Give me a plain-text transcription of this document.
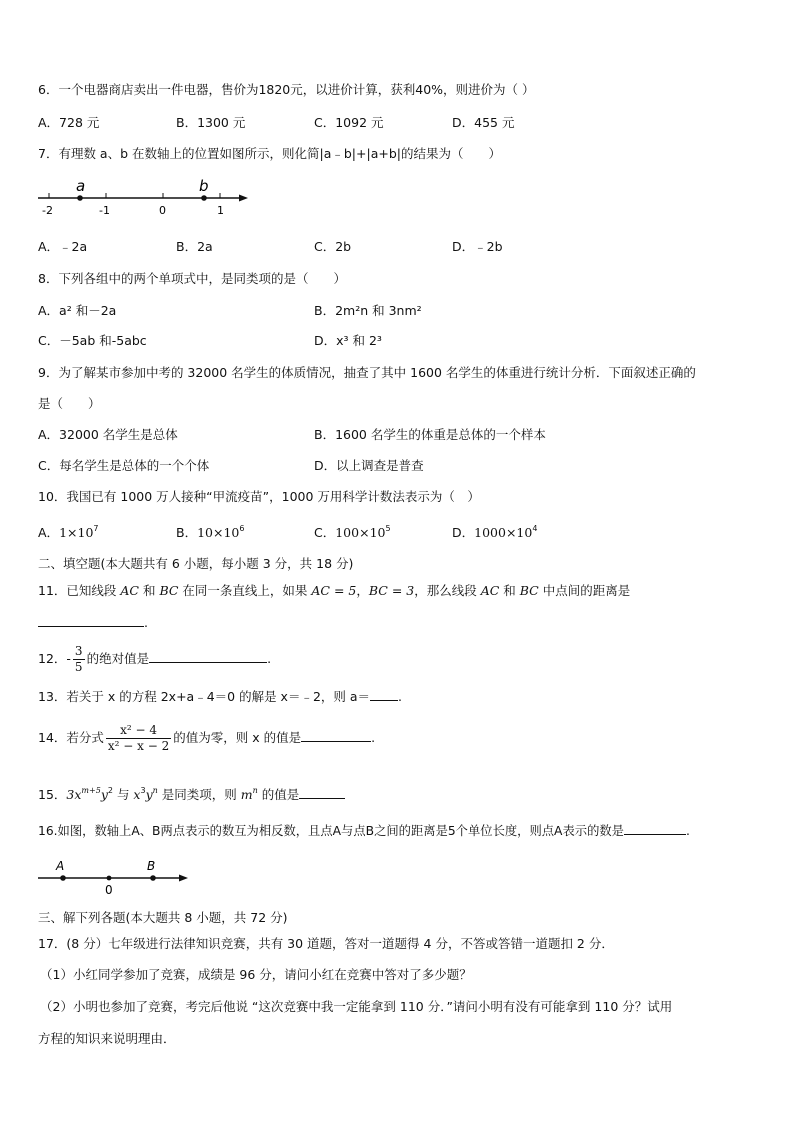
6．一个电器商店卖出一件电器，售价为1820元，以进价计算，获利40%，则进价为（ ）
A．728 元	B．1300 元	C．1092 元	D．455 元
7．有理数 a、b 在数轴上的位置如图所示，则化简|a﹣b|+|a+b|的结果为（　　）
a	b
-2	-1	0	1
A．﹣2a	B．2a	C．2b	D．﹣2b
8．下列各组中的两个单项式中，是同类项的是（　　）
A．a² 和－2a	B．2m²n 和 3nm²
C．－5ab 和-5abc	D．x³ 和 2³
9．为了解某市参加中考的 32000 名学生的体质情况，抽查了其中 1600 名学生的体重进行统计分析．下面叙述正确的
是（　　）
A．32000 名学生是总体	B．1600 名学生的体重是总体的一个样本
C．每名学生是总体的一个个体	D．以上调查是普查
10．我国已有 1000 万人接种“甲流疫苗”，1000 万用科学计数法表示为（　）
A．$1\times 10^7$	B．$10\times 10^6$	C．$100\times 10^5$	D．$1000\times 10^4$
二、填空题(本大题共有 6 小题，每小题 3 分，共 18 分)
11．已知线段 AC 和 BC 在同一条直线上，如果 AC = 5，BC = 3，那么线段 AC 和 BC 中点间的距离是
.
12．- $\frac{3}{5}$ 的绝对值是	.
13．若关于 x 的方程 2x+a﹣4＝0 的解是 x＝﹣2，则 a＝ .
14．若分式 $\frac{\text{x² − 4}}{\text{x² − x − 2}}$ 的值为零，则 x 的值是	.
15．$3x^{m+5}y^2$ 与 $x^3y^n$ 是同类项，则 $m^n$ 的值是
16.如图，数轴上A、B两点表示的数互为相反数，且点A与点B之间的距离是5个单位长度，则点A表示的数是	.
A	B
0
三、解下列各题(本大题共 8 小题，共 72 分)
17．(8 分）七年级进行法律知识竞赛，共有 30 道题，答对一道题得 4 分，不答或答错一道题扣 2 分．
（1）小红同学参加了竞赛，成绩是 96 分，请问小红在竞赛中答对了多少题？
（2）小明也参加了竞赛，考完后他说 “这次竞赛中我一定能拿到 110 分．”请问小明有没有可能拿到 110 分？试用
方程的知识来说明理由．
